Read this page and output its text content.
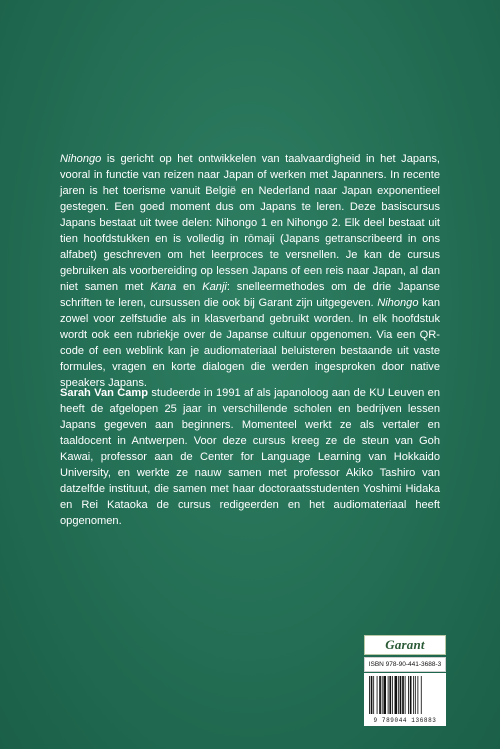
Nihongo is gericht op het ontwikkelen van taalvaardigheid in het Japans, vooral in functie van reizen naar Japan of werken met Japanners. In recente jaren is het toerisme vanuit België en Nederland naar Japan exponentieel gestegen. Een goed moment dus om Japans te leren. Deze basiscursus Japans bestaat uit twee delen: Nihongo 1 en Nihongo 2. Elk deel bestaat uit tien hoofdstukken en is volledig in rōmaji (Japans getranscribeerd in ons alfabet) geschreven om het leerproces te versnellen. Je kan de cursus gebruiken als voorbereiding op lessen Japans of een reis naar Japan, al dan niet samen met Kana en Kanji: snelleermethodes om de drie Japanse schriften te leren, cursussen die ook bij Garant zijn uitgegeven. Nihongo kan zowel voor zelfstudie als in klasverband gebruikt worden. In elk hoofdstuk wordt ook een rubriekje over de Japanse cultuur opgenomen. Via een QR-code of een weblink kan je audiomateriaal beluisteren bestaande uit vaste formules, vragen en korte dialogen die werden ingesproken door native speakers Japans.

Sarah Van Camp studeerde in 1991 af als japanoloog aan de KU Leuven en heeft de afgelopen 25 jaar in verschillende scholen en bedrijven lessen Japans gegeven aan beginners. Momenteel werkt ze als vertaler en taaldocent in Antwerpen. Voor deze cursus kreeg ze de steun van Goh Kawai, professor aan de Center for Language Learning van Hokkaido University, en werkte ze nauw samen met professor Akiko Tashiro van datzelfde instituut, die samen met haar doctoraatsstudenten Yoshimi Hidaka en Rei Kataoka de cursus redigeerden en het audiomateriaal heeft opgenomen.

Garant
ISBN 978-90-441-3688-3
9 789044 136883
